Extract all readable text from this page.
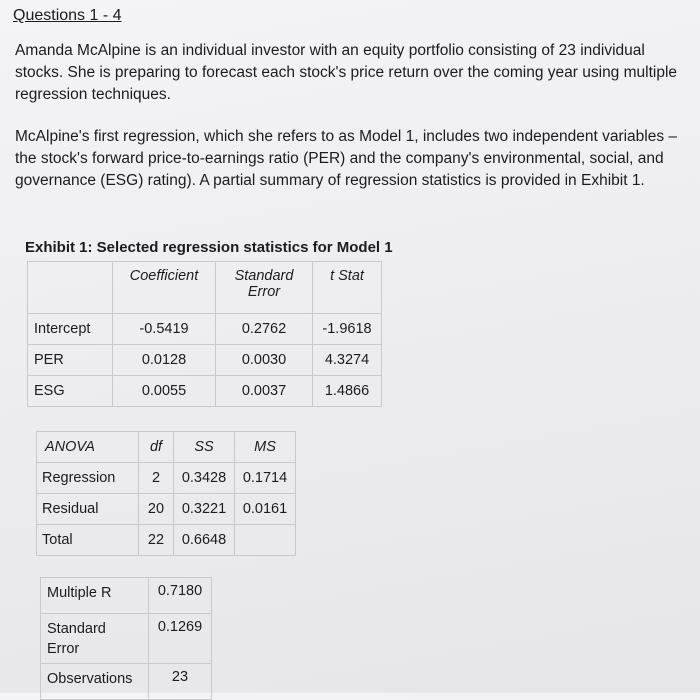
Questions 1 - 4

Amanda McAlpine is an individual investor with an equity portfolio consisting of 23 individual stocks. She is preparing to forecast each stock's price return over the coming year using multiple regression techniques.

McAlpine's first regression, which she refers to as Model 1, includes two independent variables – the stock's forward price-to-earnings ratio (PER) and the company's environmental, social, and governance (ESG) rating). A partial summary of regression statistics is provided in Exhibit 1.

Exhibit 1: Selected regression statistics for Model 1
	Coefficient	Standard Error	t Stat
Intercept	-0.5419	0.2762	-1.9618
PER	0.0128	0.0030	4.3274
ESG	0.0055	0.0037	1.4866
ANOVA	df	SS	MS
Regression	2	0.3428	0.1714
Residual	20	0.3221	0.0161
Total	22	0.6648	
Multiple R	0.7180
Standard Error	0.1269
Observations	23
